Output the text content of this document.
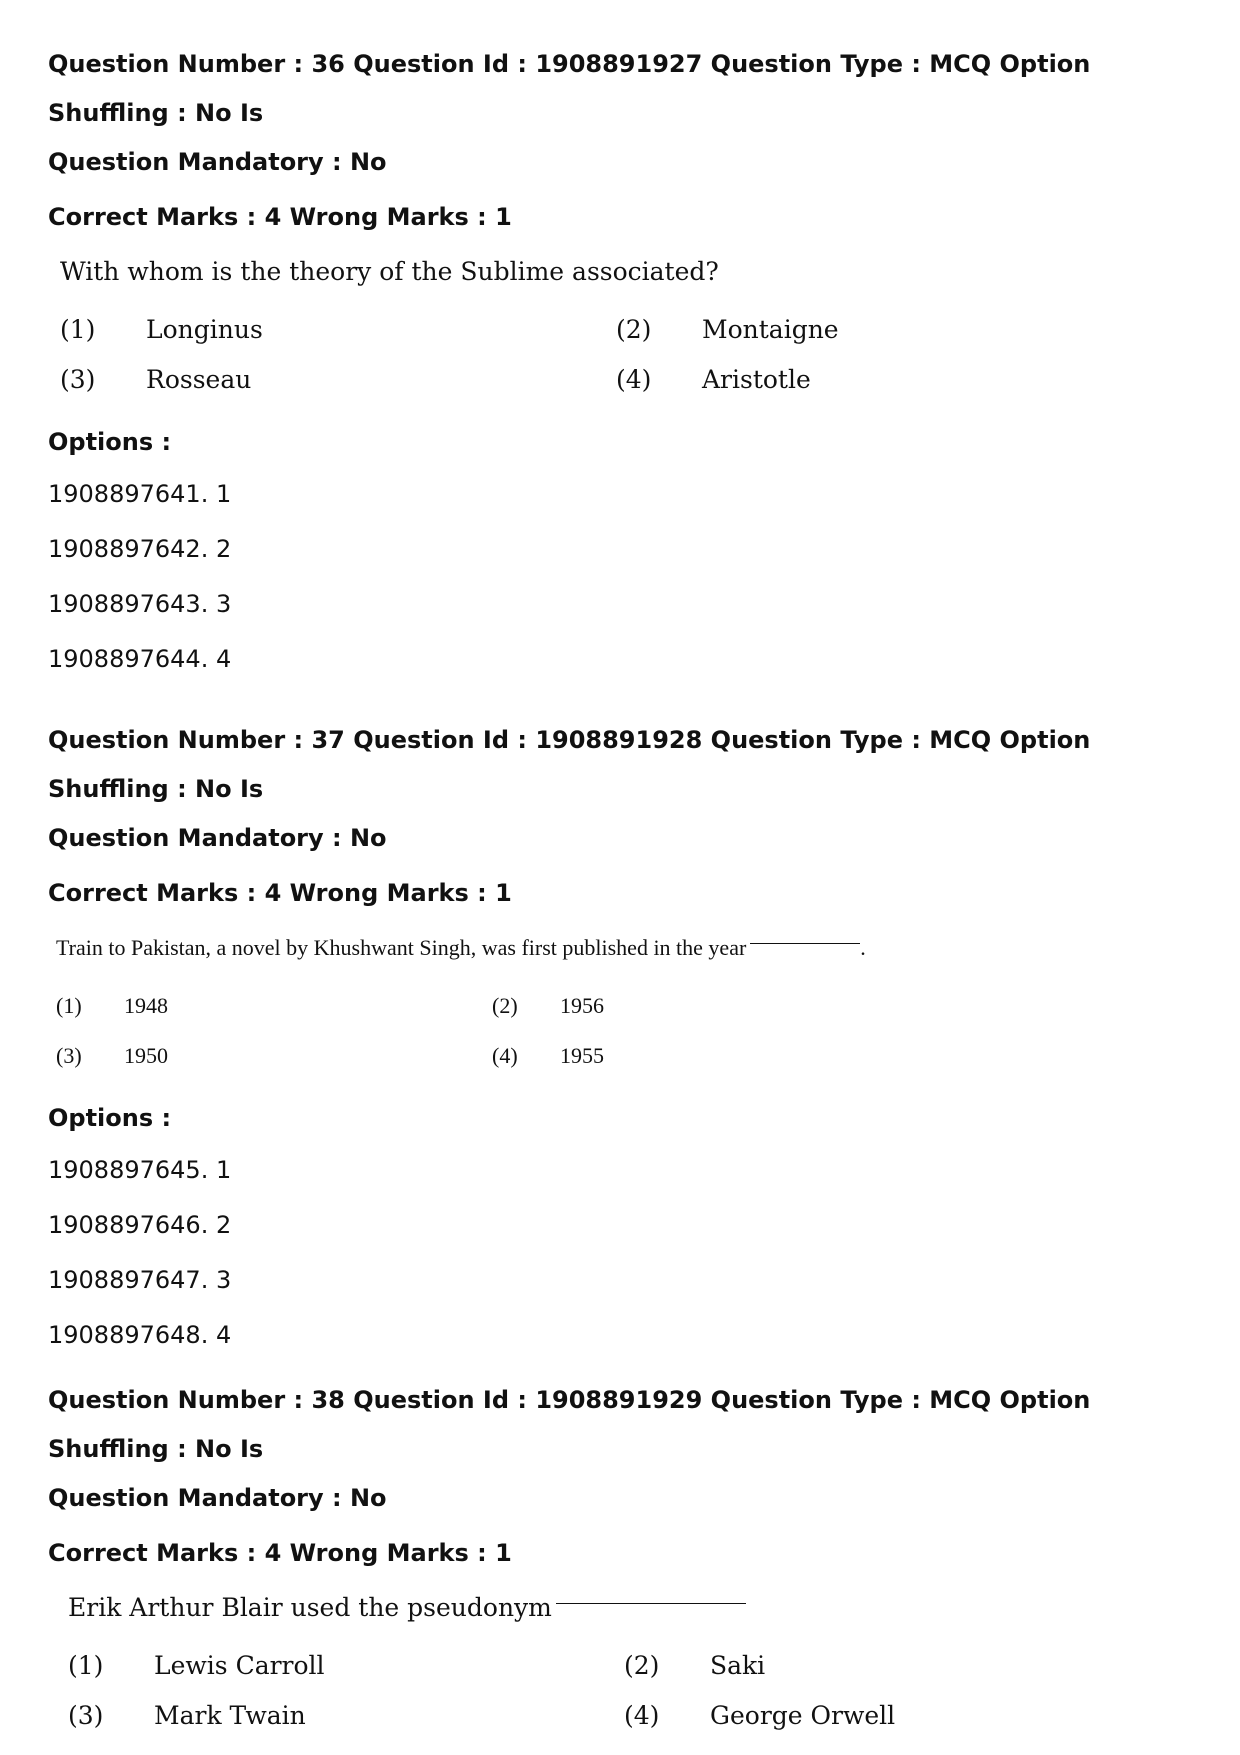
Question Number : 36 Question Id : 1908891927 Question Type : MCQ Option Shuffling : No Is

Question Mandatory : No

Correct Marks : 4 Wrong Marks : 1

With whom is the theory of the Sublime associated?
(1) Longinus	(2) Montaigne
(3) Rosseau	(4) Aristotle

Options :

1908897641. 1

1908897642. 2

1908897643. 3

1908897644. 4

Question Number : 37 Question Id : 1908891928 Question Type : MCQ Option Shuffling : No Is

Question Mandatory : No

Correct Marks : 4 Wrong Marks : 1

Train to Pakistan, a novel by Khushwant Singh, was first published in the year	.
(1) 1948	(2) 1956
(3) 1950	(4) 1955

Options :

1908897645. 1

1908897646. 2

1908897647. 3

1908897648. 4

Question Number : 38 Question Id : 1908891929 Question Type : MCQ Option Shuffling : No Is

Question Mandatory : No

Correct Marks : 4 Wrong Marks : 1

Erik Arthur Blair used the pseudonym
(1) Lewis Carroll	(2) Saki
(3) Mark Twain	(4) George Orwell
